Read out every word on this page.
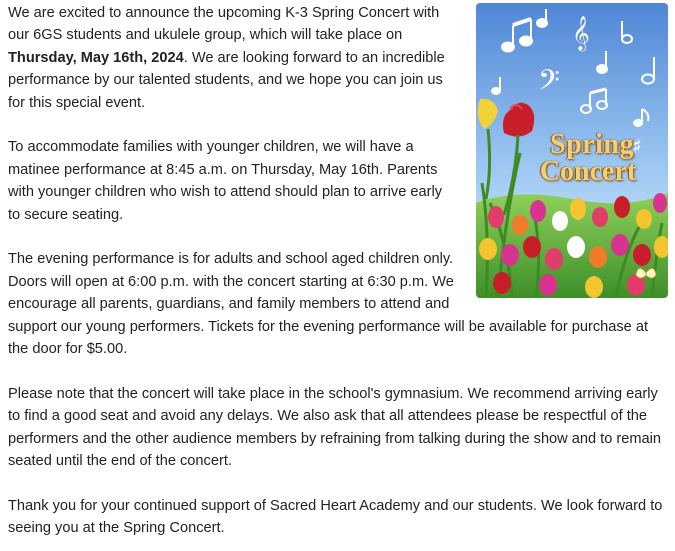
𝄞
𝄢
♯
Spring
Concert

We are excited to announce the upcoming K-3 Spring Concert with our 6GS students and ukulele group, which will take place on Thursday, May 16th, 2024. We are looking forward to an incredible performance by our talented students, and we hope you can join us for this special event.

To accommodate families with younger children, we will have a matinee performance at 8:45 a.m. on Thursday, May 16th. Parents with younger children who wish to attend should plan to arrive early to secure seating.

The evening performance is for adults and school aged children only. Doors will open at 6:00 p.m. with the concert starting at 6:30 p.m. We encourage all parents, guardians, and family members to attend and support our young performers. Tickets for the evening performance will be available for purchase at the door for $5.00.

Please note that the concert will take place in the school's gymnasium. We recommend arriving early to find a good seat and avoid any delays. We also ask that all attendees please be respectful of the performers and the other audience members by refraining from talking during the show and to remain seated until the end of the concert.

Thank you for your continued support of Sacred Heart Academy and our students. We look forward to seeing you at the Spring Concert.
